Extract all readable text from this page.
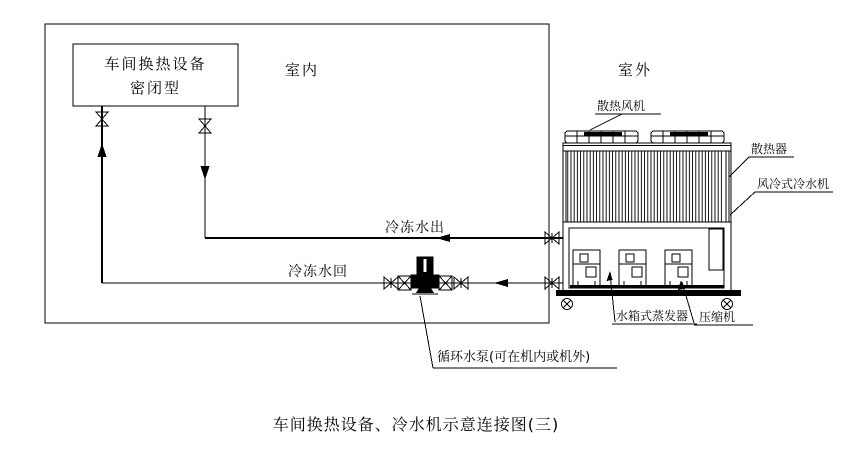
室内	室外
车间换热设备
密闭型
冷冻水出
冷冻水回
散热风机
散热器
风冷式冷水机
水箱式蒸发器 压缩机
循环水泵(可在机内或机外)
车间换热设备、冷水机示意连接图(三)
